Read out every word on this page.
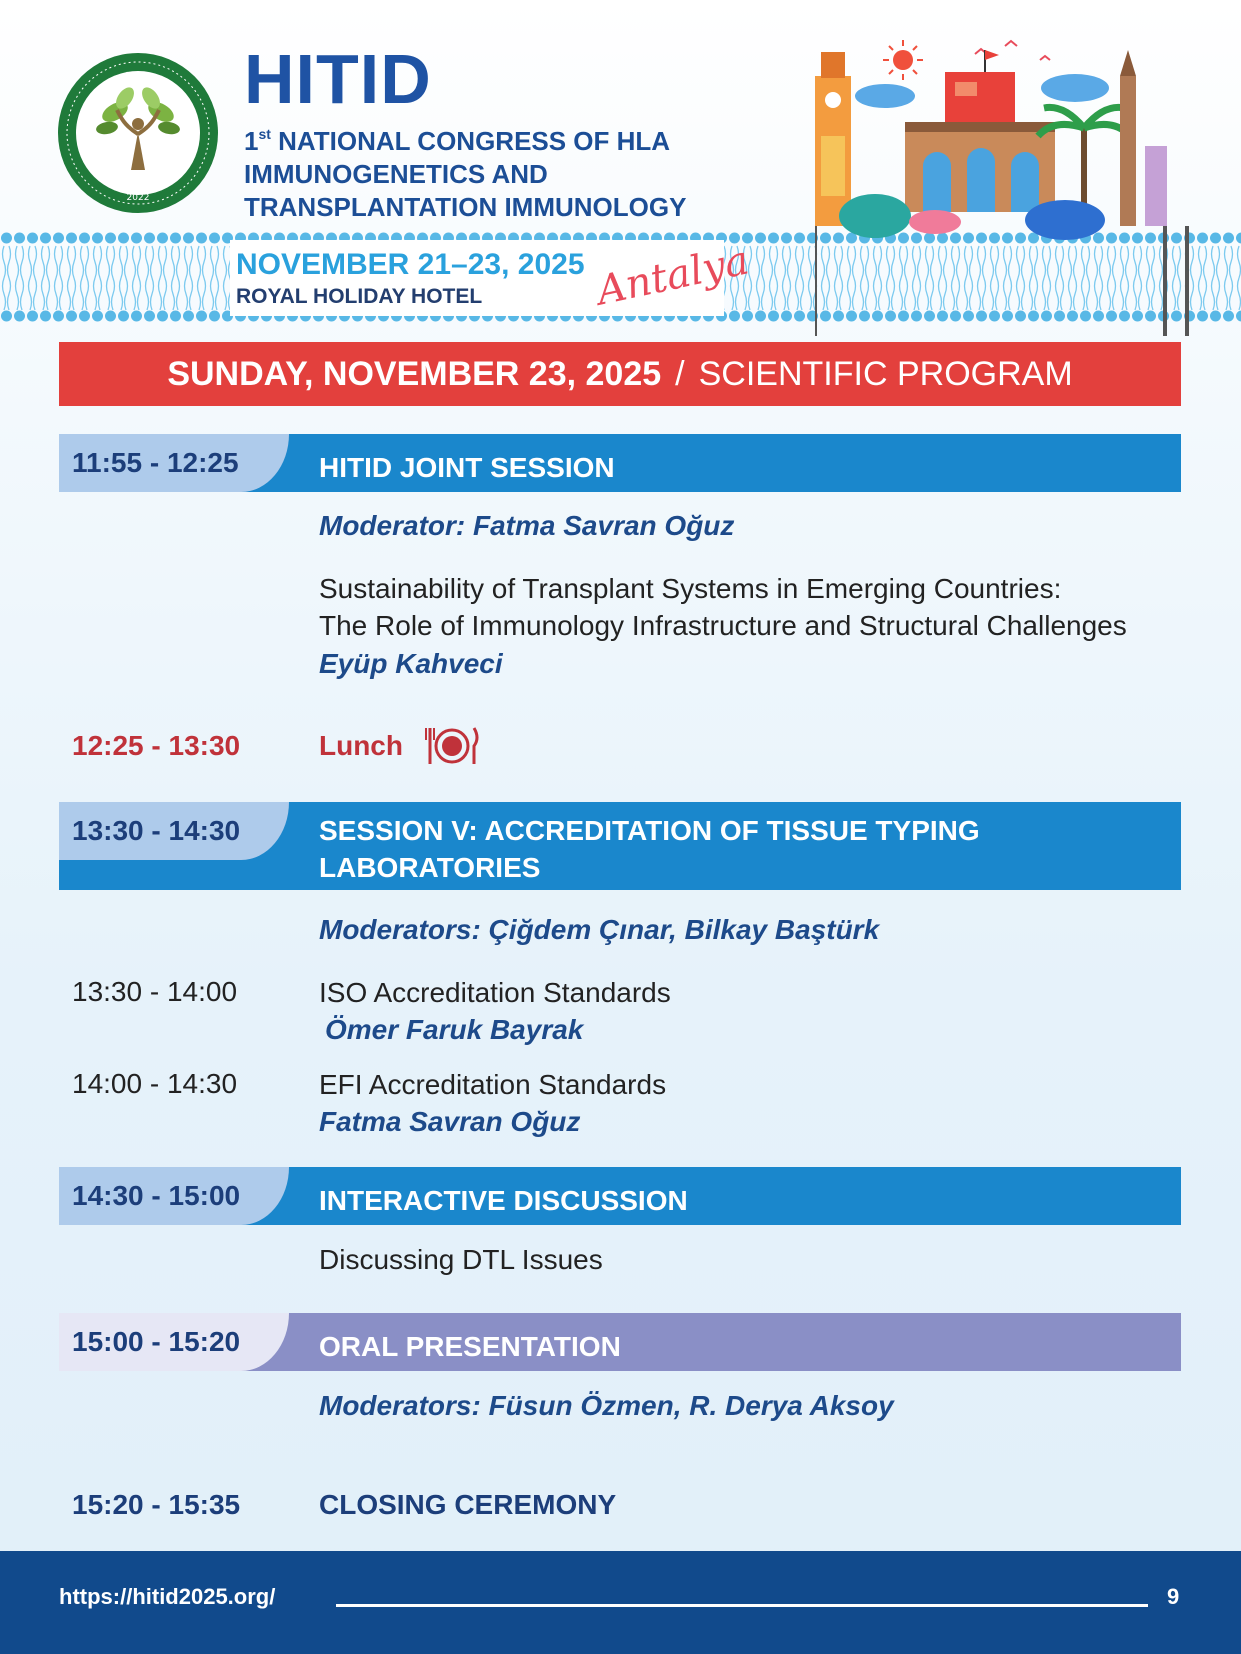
2022
HITID
1st NATIONAL CONGRESS OF HLA
IMMUNOGENETICS AND
TRANSPLANTATION IMMUNOLOGY
NOVEMBER 21–23, 2025
ROYAL HOLIDAY HOTEL	Antalya
SUNDAY, NOVEMBER 23, 2025 / SCIENTIFIC PROGRAM
11:55 - 12:25	HITID JOINT SESSION
Moderator: Fatma Savran Oğuz
Sustainability of Transplant Systems in Emerging Countries:
The Role of Immunology Infrastructure and Structural Challenges
Eyüp Kahveci
12:25 - 13:30	Lunch
13:30 - 14:30	SESSION V: ACCREDITATION OF TISSUE TYPING LABORATORIES
Moderators: Çiğdem Çınar, Bilkay Baştürk
13:30 - 14:00	ISO Accreditation Standards
Ömer Faruk Bayrak
14:00 - 14:30	EFI Accreditation Standards
Fatma Savran Oğuz
14:30 - 15:00	INTERACTIVE DISCUSSION
Discussing DTL Issues
15:00 - 15:20	ORAL PRESENTATION
Moderators: Füsun Özmen, R. Derya Aksoy
15:20 - 15:35	CLOSING CEREMONY
https://hitid2025.org/	9
